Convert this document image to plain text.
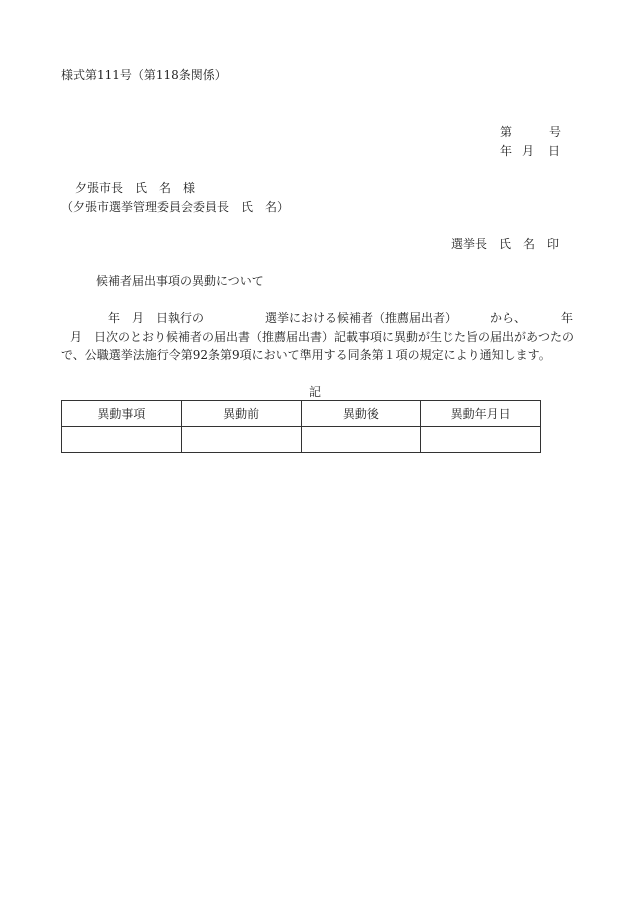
様式第111号（第118条関係）
第	号
年 月 日
夕張市長　氏　名　様
（夕張市選挙管理委員会委員長　氏　名）
選挙長　氏　名　印
候補者届出事項の異動について
年　月　日執行の	選挙における候補者（推薦届出者）	から、	年
月　日次のとおり候補者の届出書（推薦届出書）記載事項に異動が生じた旨の届出があつたの
で、公職選挙法施行令第92条第9項において準用する同条第１項の規定により通知します。
記
異動事項	異動前	異動後	異動年月日
